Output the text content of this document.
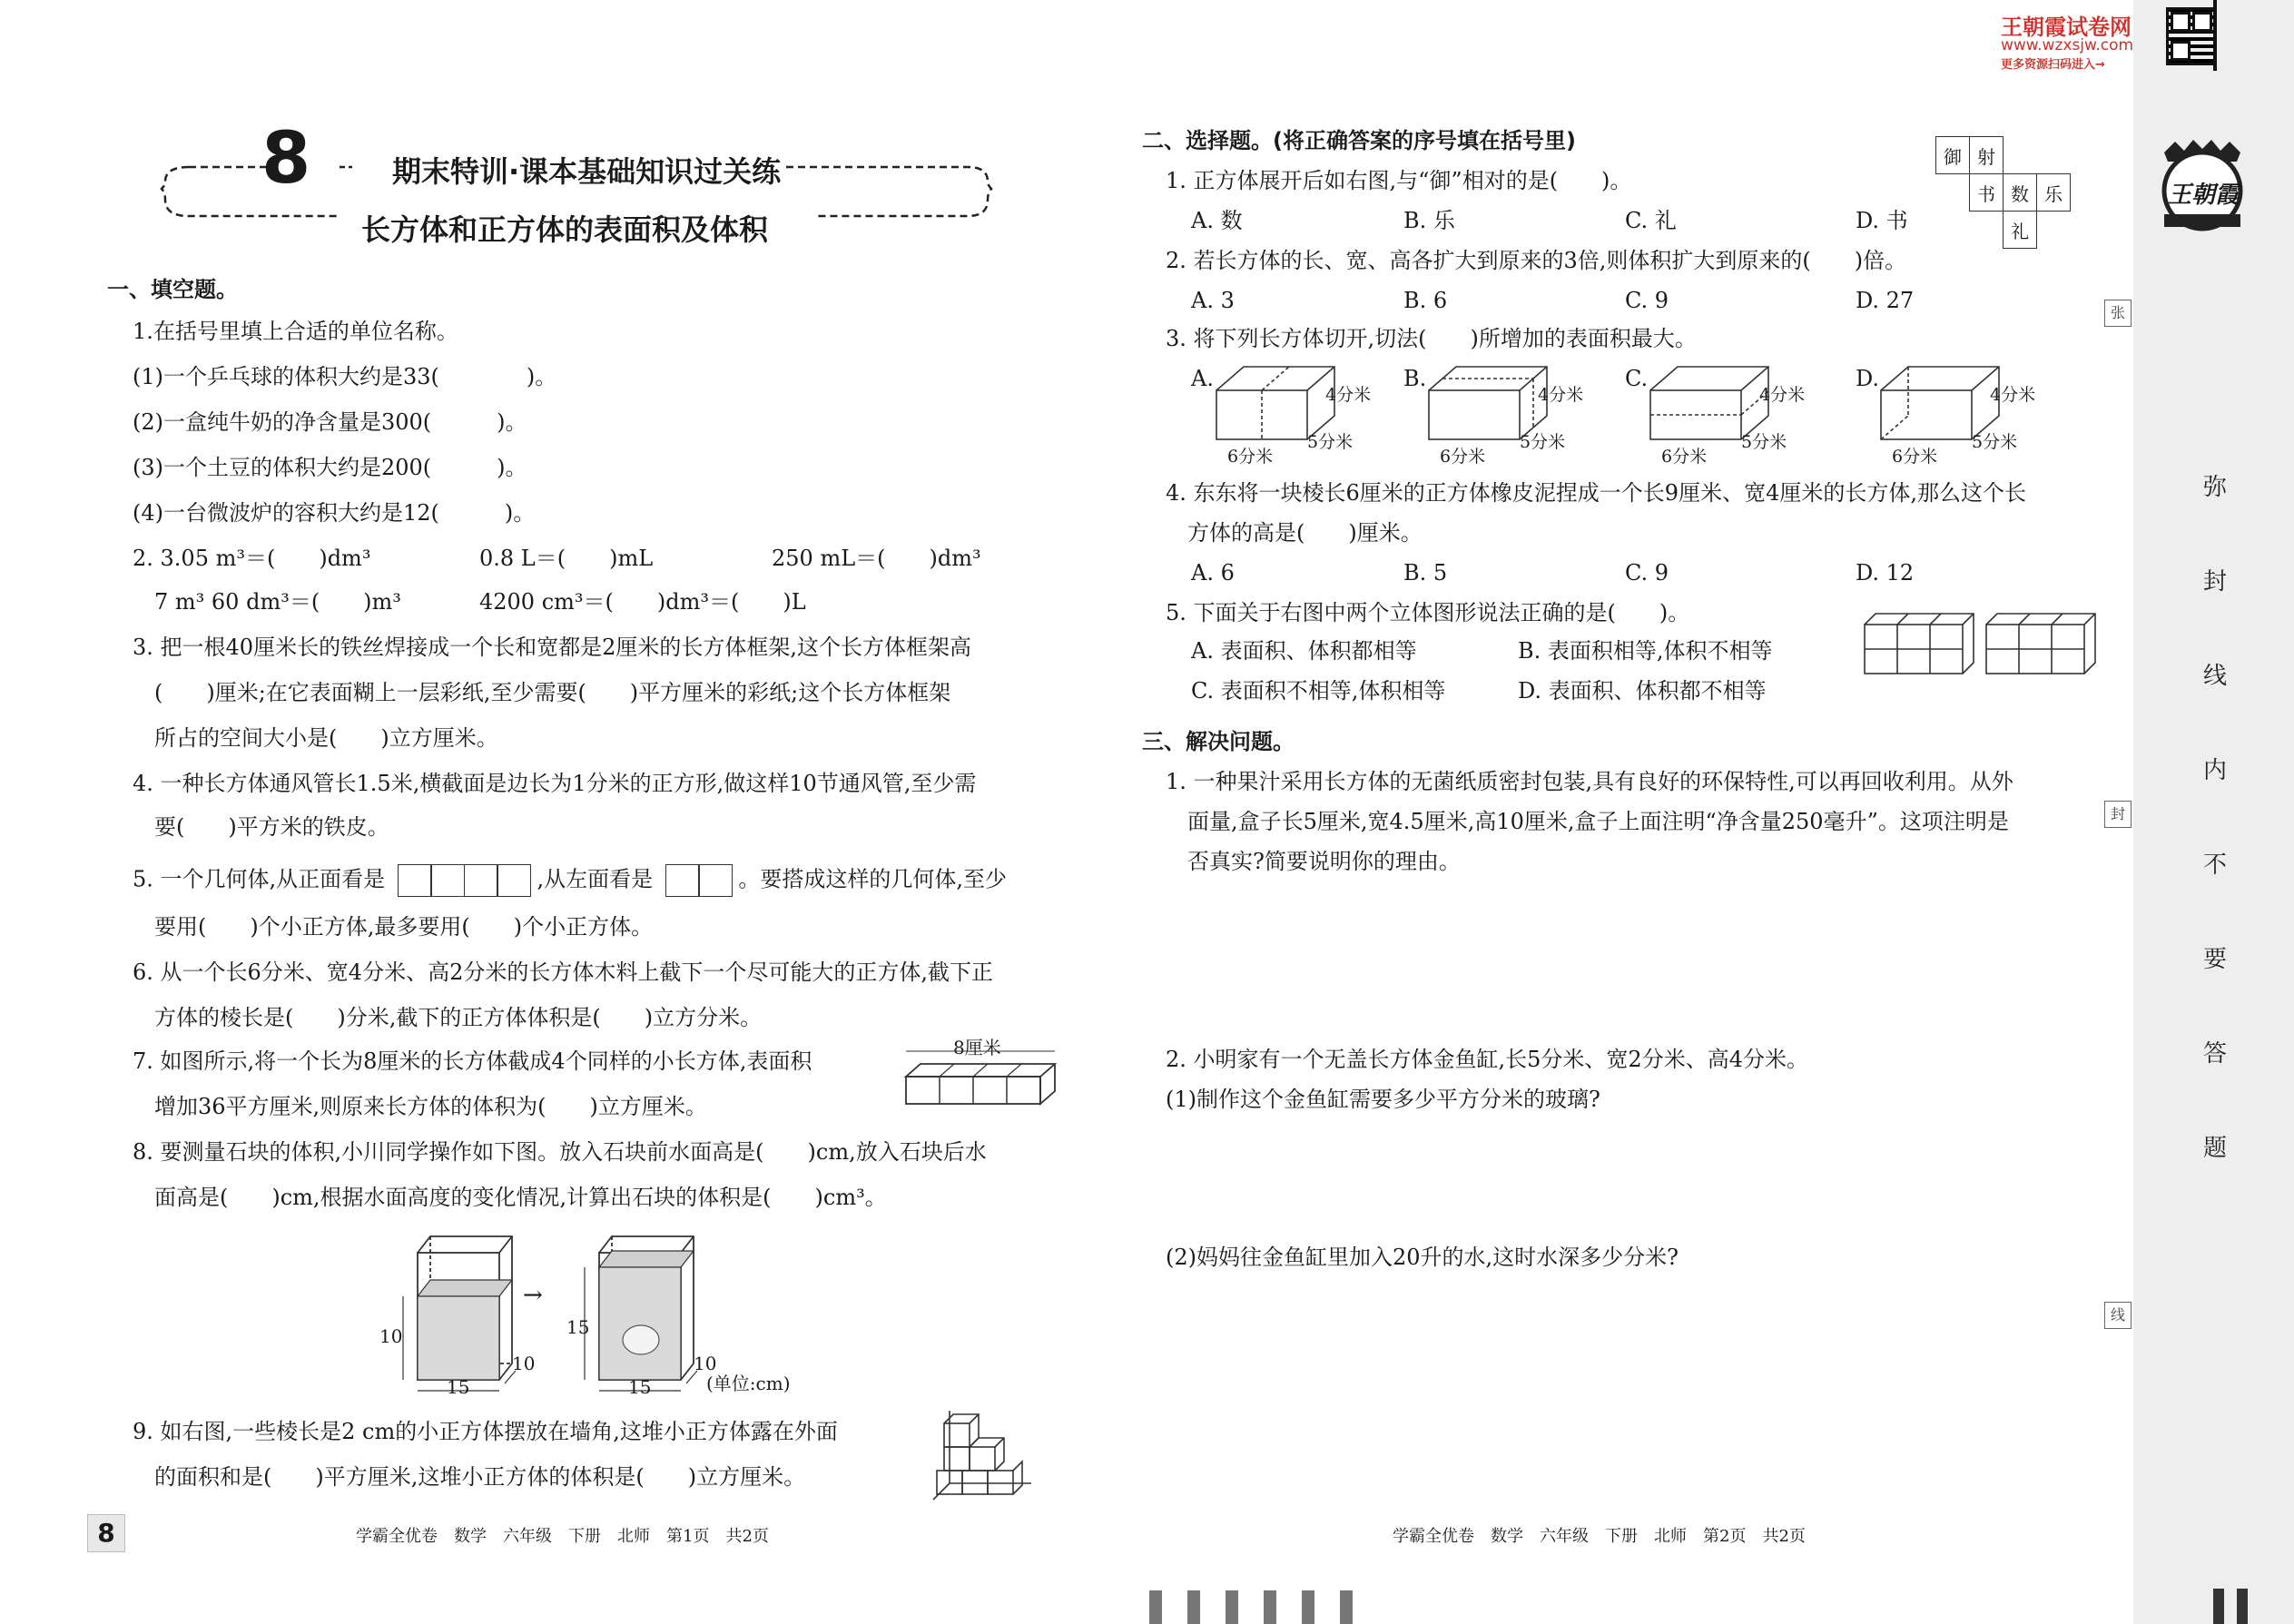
王朝霞试卷网
www.wzxsjw.com
更多资源扫码进入→
王朝霞
弥
封
线
内
不
要
答
题
张
封
线
8	期末特训·课本基础知识过关练
长方体和正方体的表面积及体积
一、填空题。
1.在括号里填上合适的单位名称。
(1)一个乒乓球的体积大约是33(　　　　)。
(2)一盒纯牛奶的净含量是300(　　　)。
(3)一个土豆的体积大约是200(　　　)。
(4)一台微波炉的容积大约是12(　　　)。
2. 3.05 m³＝(　　)dm³	0.8 L＝(　　)mL	250 mL＝(　　)dm³
7 m³ 60 dm³＝(　　)m³	4200 cm³＝(　　)dm³＝(　　)L
3. 把一根40厘米长的铁丝焊接成一个长和宽都是2厘米的长方体框架,这个长方体框架高
(　　)厘米;在它表面糊上一层彩纸,至少需要(　　)平方厘米的彩纸;这个长方体框架
所占的空间大小是(　　)立方厘米。
4. 一种长方体通风管长1.5米,横截面是边长为1分米的正方形,做这样10节通风管,至少需
要(　　)平方米的铁皮。
5. 一个几何体,从正面看是	,从左面看是	。要搭成这样的几何体,至少
要用(　　)个小正方体,最多要用(　　)个小正方体。
6. 从一个长6分米、宽4分米、高2分米的长方体木料上截下一个尽可能大的正方体,截下正
方体的棱长是(　　)分米,截下的正方体体积是(　　)立方分米。
7. 如图所示,将一个长为8厘米的长方体截成4个同样的小长方体,表面积
增加36平方厘米,则原来长方体的体积为(　　)立方厘米。
8厘米
8. 要测量石块的体积,小川同学操作如下图。放入石块前水面高是(　　)cm,放入石块后水
面高是(　　)cm,根据水面高度的变化情况,计算出石块的体积是(　　)cm³。
10
15
10
→
15
15
10
(单位:cm)
9. 如右图,一些棱长是2 cm的小正方体摆放在墙角,这堆小正方体露在外面
的面积和是(　　)平方厘米,这堆小正方体的体积是(　　)立方厘米。
8	学霸全优卷　数学　六年级　下册　北师　第1页　共2页
二、选择题。(将正确答案的序号填在括号里)
御	射		
	书	数	乐
		礼	
1. 正方体展开后如右图,与“御”相对的是(　　)。
A. 数	B. 乐	C. 礼	D. 书
2. 若长方体的长、宽、高各扩大到原来的3倍,则体积扩大到原来的(　　)倍。
A. 3	B. 6	C. 9	D. 27
3. 将下列长方体切开,切法(　　)所增加的表面积最大。
A.	B.	C.	D.
4分米
6分米
5分米
4分米
6分米
5分米
4分米
6分米
5分米
4分米
6分米
5分米
4. 东东将一块棱长6厘米的正方体橡皮泥捏成一个长9厘米、宽4厘米的长方体,那么这个长
方体的高是(　　)厘米。
A. 6	B. 5	C. 9	D. 12
5. 下面关于右图中两个立体图形说法正确的是(　　)。
A. 表面积、体积都相等	B. 表面积相等,体积不相等
C. 表面积不相等,体积相等	D. 表面积、体积都不相等
三、解决问题。
1. 一种果汁采用长方体的无菌纸质密封包装,具有良好的环保特性,可以再回收利用。从外
面量,盒子长5厘米,宽4.5厘米,高10厘米,盒子上面注明“净含量250毫升”。这项注明是
否真实?简要说明你的理由。
2. 小明家有一个无盖长方体金鱼缸,长5分米、宽2分米、高4分米。
(1)制作这个金鱼缸需要多少平方分米的玻璃?
(2)妈妈往金鱼缸里加入20升的水,这时水深多少分米?
学霸全优卷　数学　六年级　下册　北师　第2页　共2页
